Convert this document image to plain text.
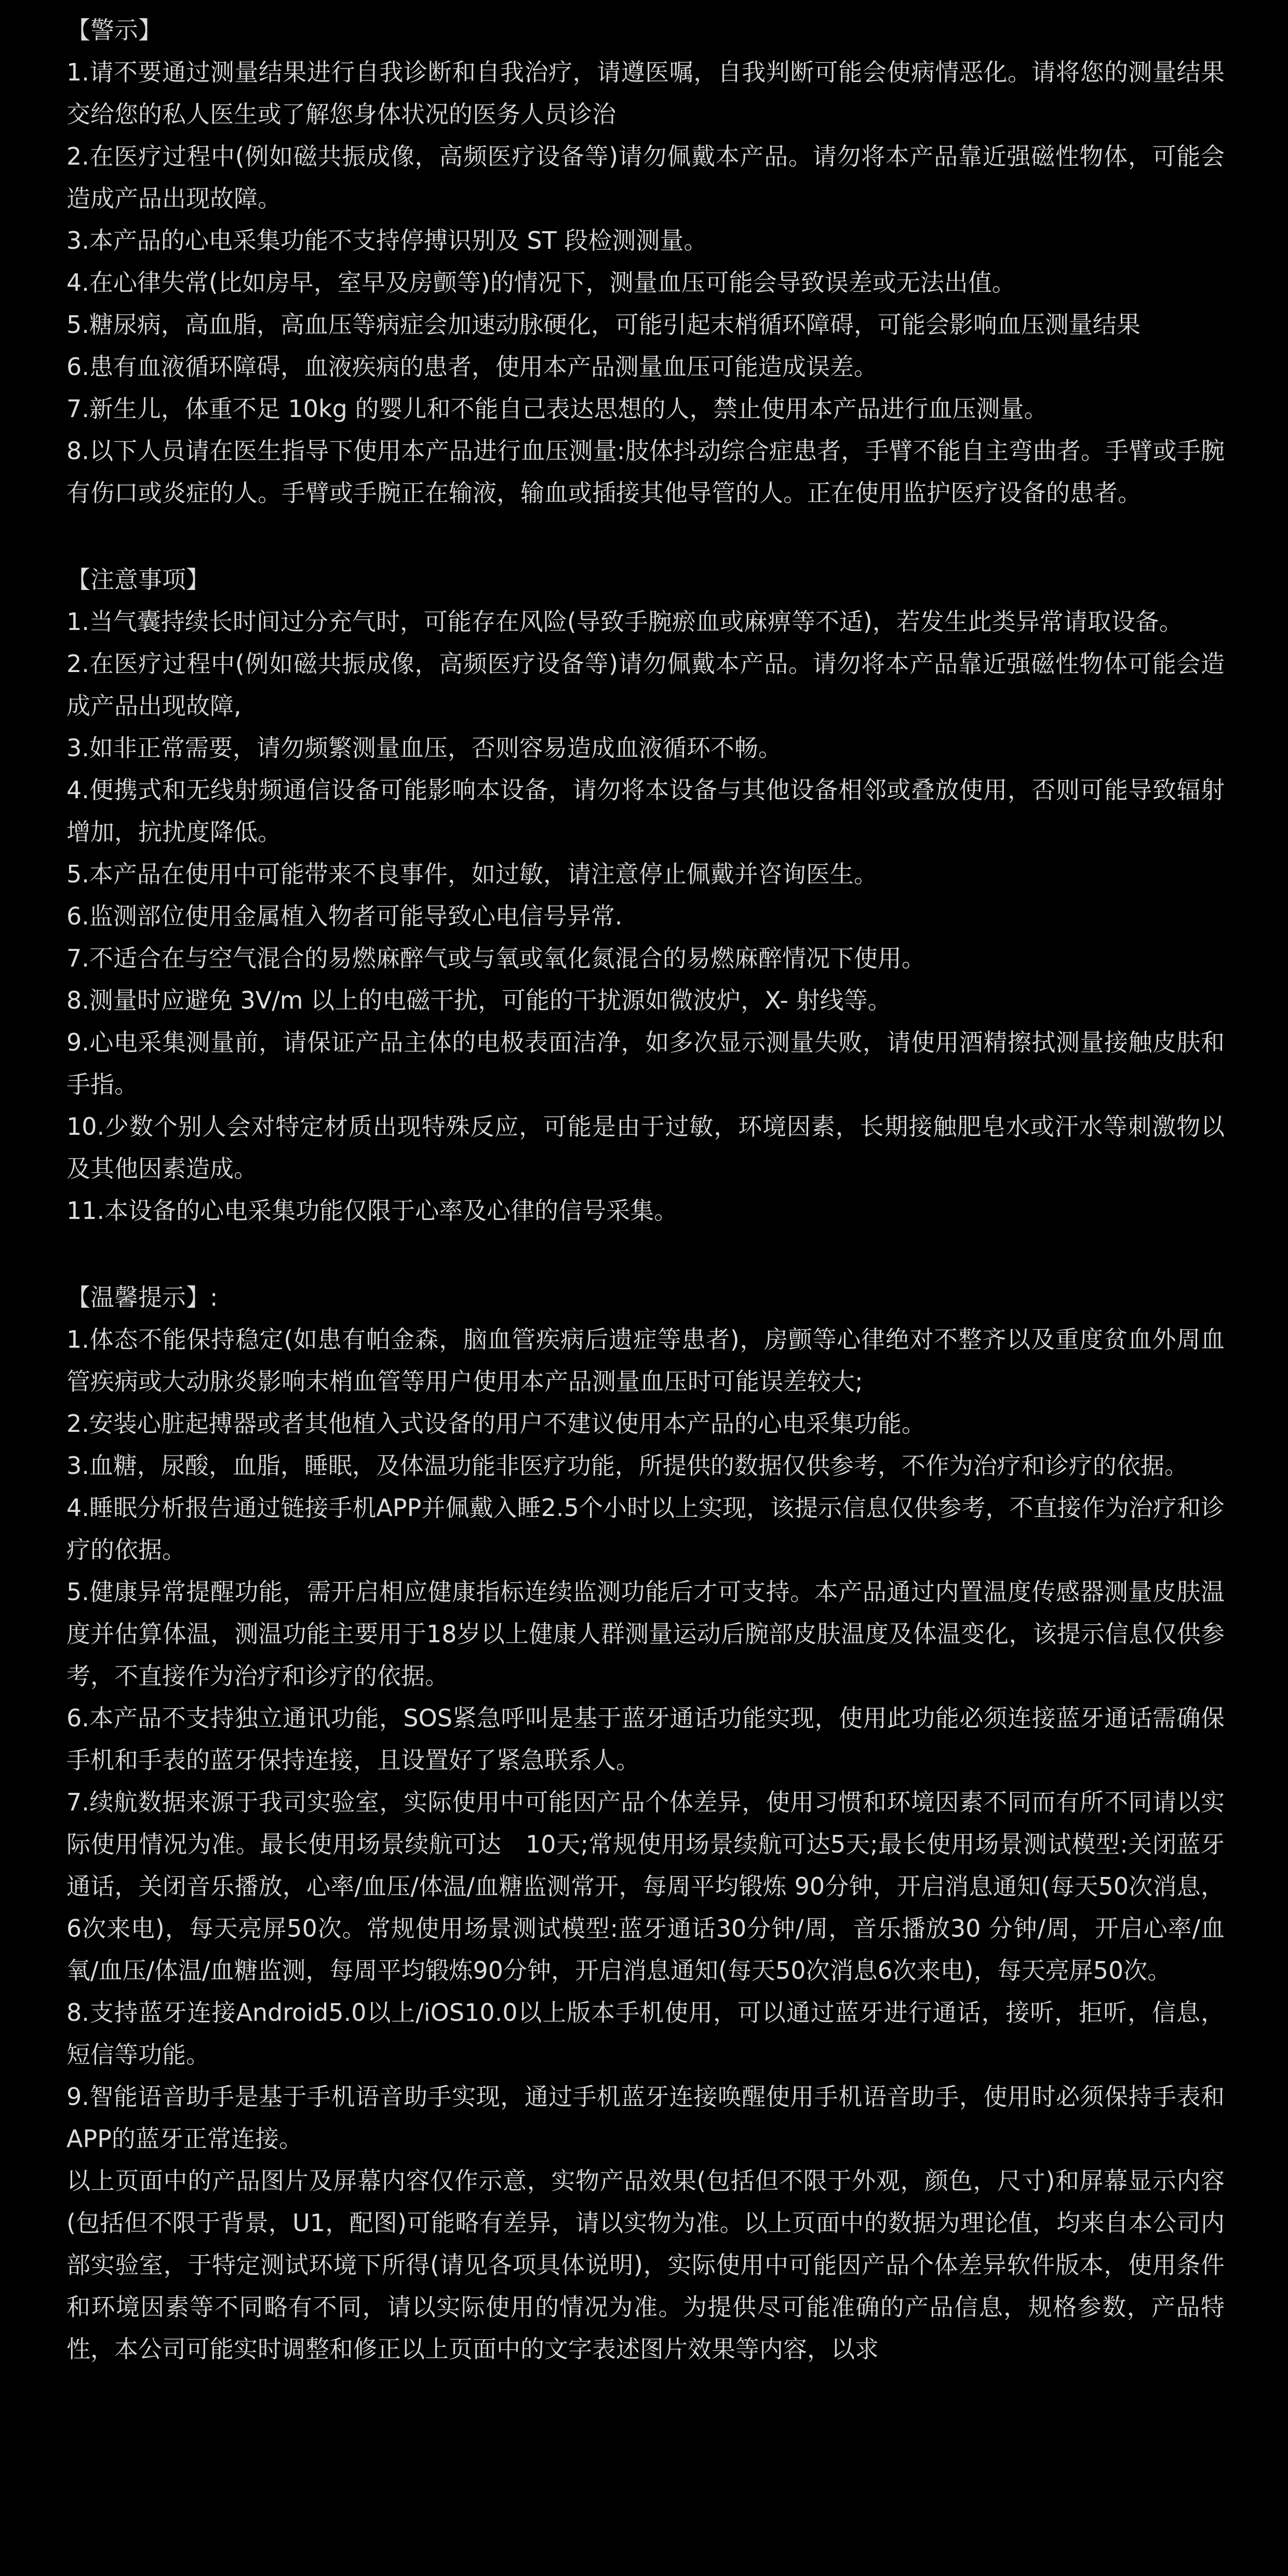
【警示】

1.请不要通过测量结果进行自我诊断和自我治疗，请遵医嘱，自我判断可能会使病情恶化。请将您的测量结果交给您的私人医生或了解您身体状况的医务人员诊治

2.在医疗过程中(例如磁共振成像，高频医疗设备等)请勿佩戴本产品。请勿将本产品靠近强磁性物体，可能会造成产品出现故障。

3.本产品的心电采集功能不支持停搏识别及 ST 段检测测量。

4.在心律失常(比如房早，室早及房颤等)的情况下，测量血压可能会导致误差或无法出值。

5.糖尿病，高血脂，高血压等病症会加速动脉硬化，可能引起末梢循环障碍，可能会影响血压测量结果

6.患有血液循环障碍，血液疾病的患者，使用本产品测量血压可能造成误差。

7.新生儿，体重不足 10kg 的婴儿和不能自己表达思想的人，禁止使用本产品进行血压测量。

8.以下人员请在医生指导下使用本产品进行血压测量:肢体抖动综合症患者，手臂不能自主弯曲者。手臂或手腕有伤口或炎症的人。手臂或手腕正在输液，输血或插接其他导管的人。正在使用监护医疗设备的患者。

【注意事项】

1.当气囊持续长时间过分充气时，可能存在风险(导致手腕瘀血或麻痹等不适)，若发生此类异常请取设备。

2.在医疗过程中(例如磁共振成像，高频医疗设备等)请勿佩戴本产品。请勿将本产品靠近强磁性物体可能会造成产品出现故障,

3.如非正常需要，请勿频繁测量血压，否则容易造成血液循环不畅。

4.便携式和无线射频通信设备可能影响本设备，请勿将本设备与其他设备相邻或叠放使用，否则可能导致辐射增加，抗扰度降低。

5.本产品在使用中可能带来不良事件，如过敏，请注意停止佩戴并咨询医生。

6.监测部位使用金属植入物者可能导致心电信号异常.

7.不适合在与空气混合的易燃麻醉气或与氧或氧化氮混合的易燃麻醉情况下使用。

8.测量时应避免 3V/m 以上的电磁干扰，可能的干扰源如微波炉，X- 射线等。

9.心电采集测量前，请保证产品主体的电极表面洁净，如多次显示测量失败，请使用酒精擦拭测量接触皮肤和手指。

10.少数个别人会对特定材质出现特殊反应，可能是由于过敏，环境因素，长期接触肥皂水或汗水等刺激物以及其他因素造成。

11.本设备的心电采集功能仅限于心率及心律的信号采集。

【温馨提示】:

1.体态不能保持稳定(如患有帕金森，脑血管疾病后遗症等患者)，房颤等心律绝对不整齐以及重度贫血外周血管疾病或大动脉炎影响末梢血管等用户使用本产品测量血压时可能误差较大;

2.安装心脏起搏器或者其他植入式设备的用户不建议使用本产品的心电采集功能。

3.血糖，尿酸，血脂，睡眠，及体温功能非医疗功能，所提供的数据仅供参考，不作为治疗和诊疗的依据。

4.睡眠分析报告通过链接手机APP并佩戴入睡2.5个小时以上实现，该提示信息仅供参考，不直接作为治疗和诊疗的依据。

5.健康异常提醒功能，需开启相应健康指标连续监测功能后才可支持。本产品通过内置温度传感器测量皮肤温度并估算体温，测温功能主要用于18岁以上健康人群测量运动后腕部皮肤温度及体温变化，该提示信息仅供参考，不直接作为治疗和诊疗的依据。

6.本产品不支持独立通讯功能，SOS紧急呼叫是基于蓝牙通话功能实现，使用此功能必须连接蓝牙通话需确保手机和手表的蓝牙保持连接，且设置好了紧急联系人。

7.续航数据来源于我司实验室，实际使用中可能因产品个体差异，使用习惯和环境因素不同而有所不同请以实际使用情况为准。最长使用场景续航可达　10天;常规使用场景续航可达5天;最长使用场景测试模型:关闭蓝牙通话，关闭音乐播放，心率/血压/体温/血糖监测常开，每周平均锻炼 90分钟，开启消息通知(每天50次消息，6次来电)，每天亮屏50次。常规使用场景测试模型:蓝牙通话30分钟/周，音乐播放30 分钟/周，开启心率/血氧/血压/体温/血糖监测，每周平均锻炼90分钟，开启消息通知(每天50次消息6次来电)，每天亮屏50次。

8.支持蓝牙连接Android5.0以上/iOS10.0以上版本手机使用，可以通过蓝牙进行通话，接听，拒听，信息，短信等功能。

9.智能语音助手是基于手机语音助手实现，通过手机蓝牙连接唤醒使用手机语音助手，使用时必须保持手表和APP的蓝牙正常连接。

以上页面中的产品图片及屏幕内容仅作示意，实物产品效果(包括但不限于外观，颜色，尺寸)和屏幕显示内容(包括但不限于背景，U1，配图)可能略有差异，请以实物为准。以上页面中的数据为理论值，均来自本公司内部实验室，于特定测试环境下所得(请见各项具体说明)，实际使用中可能因产品个体差异软件版本，使用条件和环境因素等不同略有不同，请以实际使用的情况为准。为提供尽可能准确的产品信息，规格参数，产品特性，本公司可能实时调整和修正以上页面中的文字表述图片效果等内容，以求
